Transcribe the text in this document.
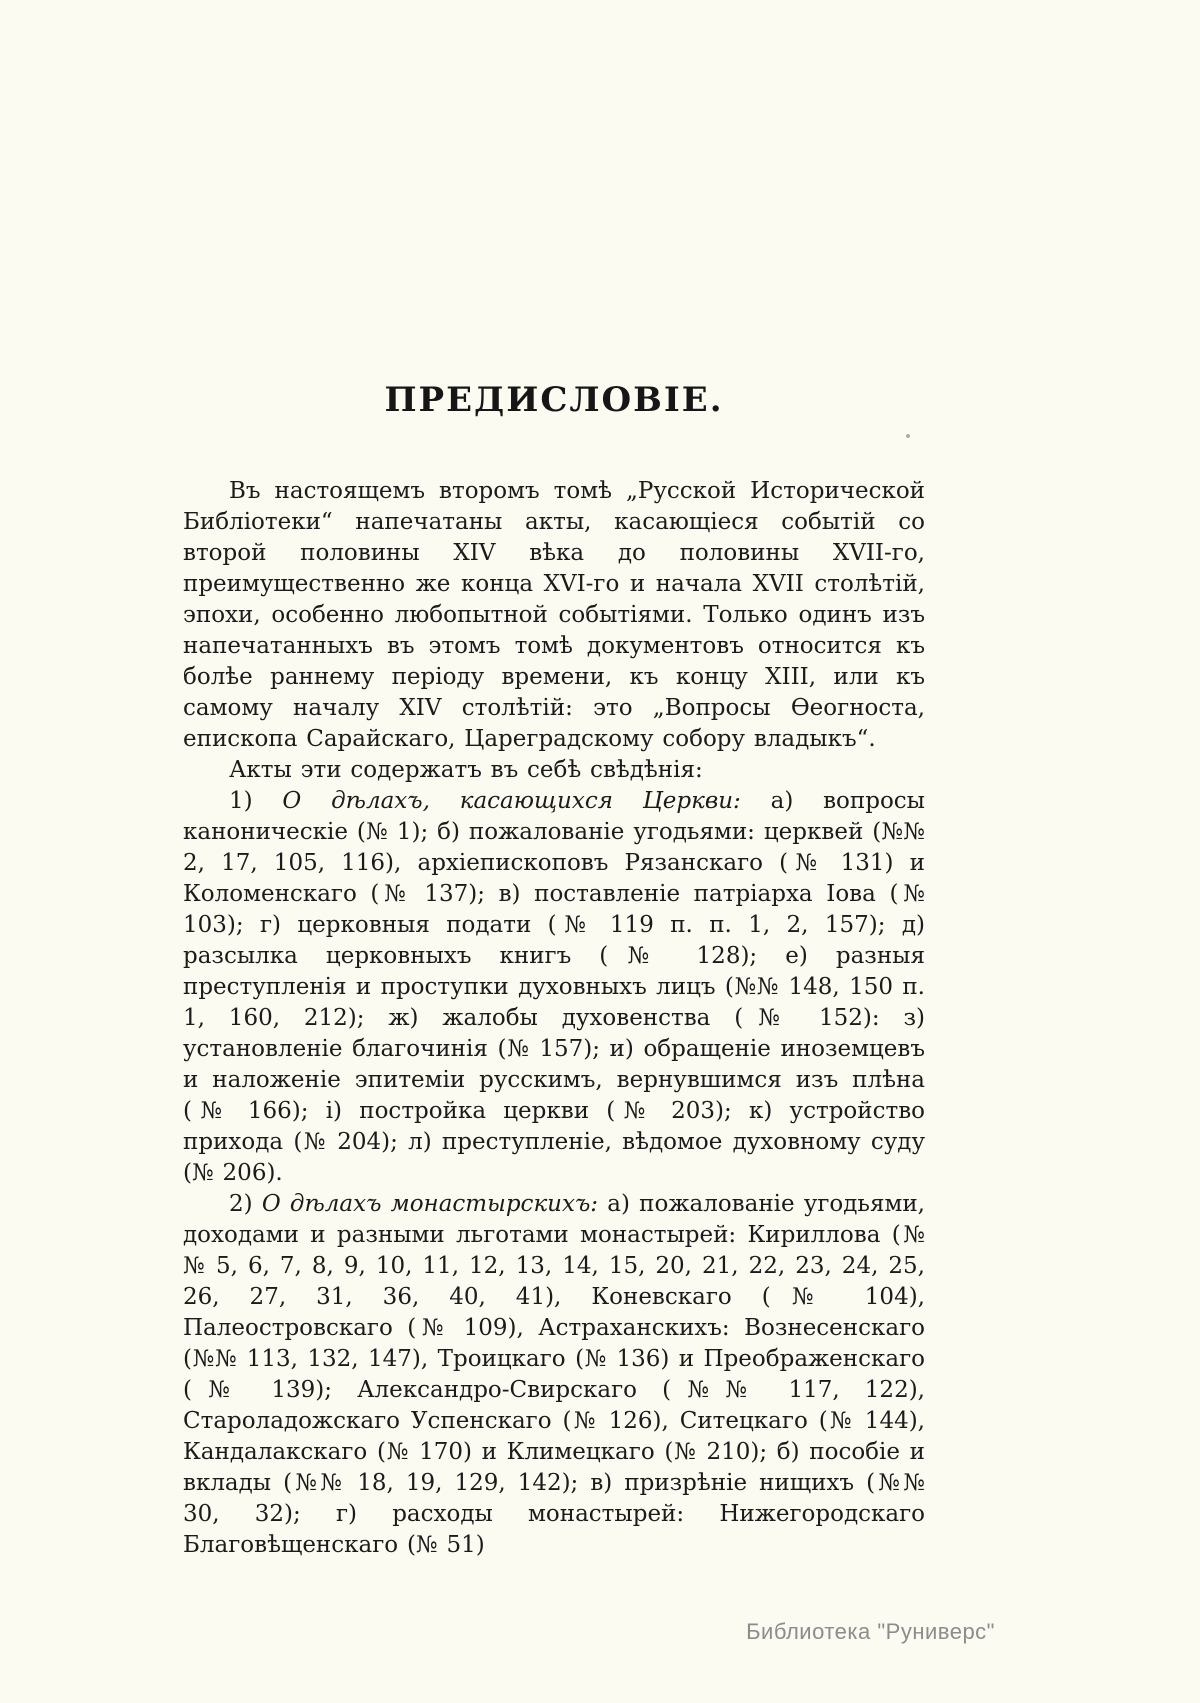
ПРЕДИСЛОВІЕ.

Въ настоящемъ второмъ томѣ „Русской Исторической Библіотеки“ напечатаны акты, касающіеся событій со второй половины XIV вѣка до половины XVII-го, преимущественно же конца XVI-го и начала XVII столѣтій, эпохи, особенно любопытной событіями. Только одинъ изъ напечатанныхъ въ этомъ томѣ документовъ относится къ болѣе раннему періоду времени, къ концу XIII, или къ самому началу XIV столѣтій: это „Вопросы Ѳеогноста, епископа Сарайскаго, Цареградскому собору владыкъ“.

Акты эти содержатъ въ себѣ свѣдѣнія:

1) О дѣлахъ, касающихся Церкви: а) вопросы каноническіе (№ 1); б) пожалованіе угодьями: церквей (№№ 2, 17, 105, 116), архіепископовъ Рязанскаго (№ 131) и Коломенскаго (№ 137); в) поставленіе патріарха Іова (№ 103); г) церковныя подати (№ 119 п. п. 1, 2, 157); д) разсылка церковныхъ книгъ (№ 128); е) разныя преступленія и проступки духовныхъ лицъ (№№ 148, 150 п. 1, 160, 212); ж) жалобы духовенства (№ 152): з) установленіе благочинія (№ 157); и) обращеніе иноземцевъ и наложеніе эпитеміи русскимъ, вернувшимся изъ плѣна (№ 166); і) постройка церкви (№ 203); к) устройство прихода (№ 204); л) преступленіе, вѣдомое духовному суду (№ 206).

2) О дѣлахъ монастырскихъ: а) пожалованіе угодьями, доходами и разными льготами монастырей: Кириллова (№№ 5, 6, 7, 8, 9, 10, 11, 12, 13, 14, 15, 20, 21, 22, 23, 24, 25, 26, 27, 31, 36, 40, 41), Коневскаго (№ 104), Палеостровскаго (№ 109), Астраханскихъ: Вознесенскаго (№№ 113, 132, 147), Троицкаго (№ 136) и Преображенскаго (№ 139); Александро-Свирскаго (№№ 117, 122), Староладожскаго Успенскаго (№ 126), Ситецкаго (№ 144), Кандалакскаго (№ 170) и Климецкаго (№ 210); б) пособіе и вклады (№№ 18, 19, 129, 142); в) призрѣніе нищихъ (№№ 30, 32); г) расходы монастырей: Нижегородскаго Благовѣщенскаго (№ 51)

Библиотека "Руниверс"
